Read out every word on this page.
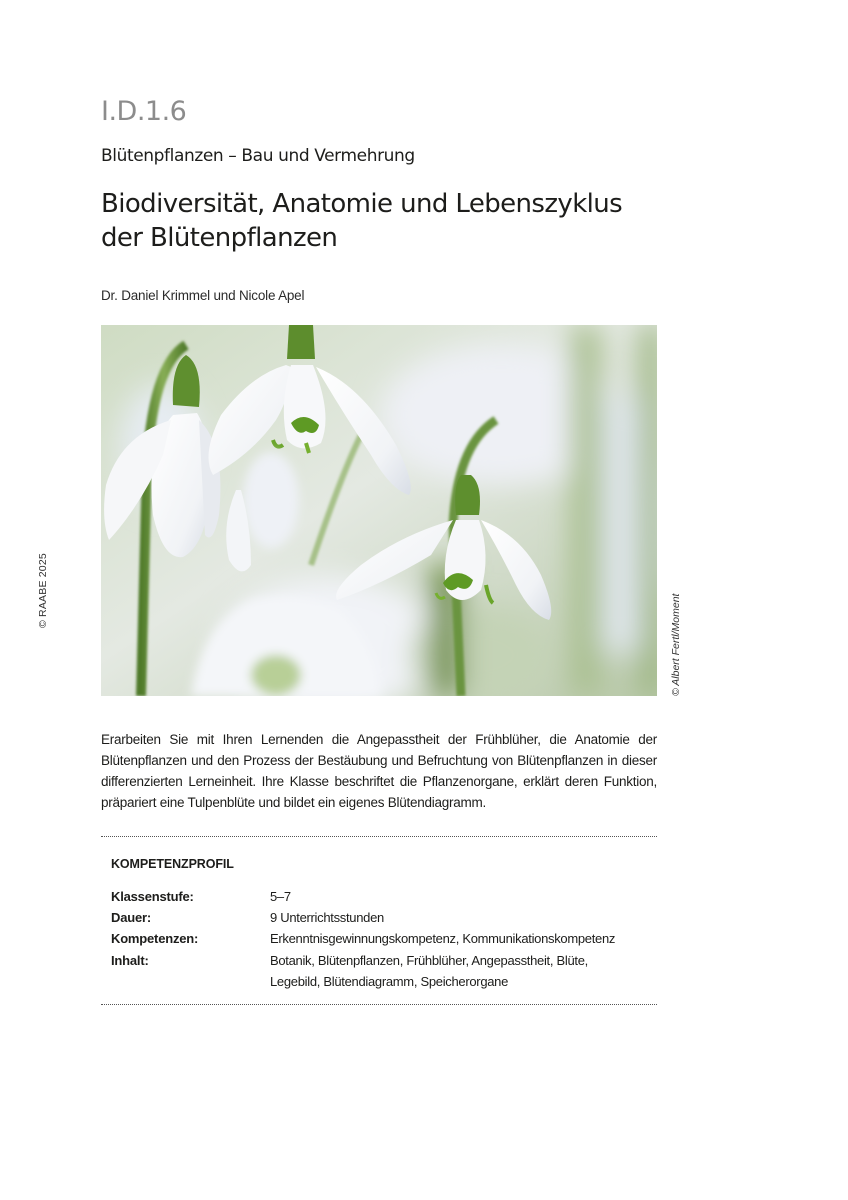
I.D.1.6
Blütenpflanzen – Bau und Vermehrung
Biodiversität, Anatomie und Lebenszyklus der Blütenpflanzen
Dr. Daniel Krimmel und Nicole Apel
© Albert Fertl/Moment
© RAABE 2025

Erarbeiten Sie mit Ihren Lernenden die Angepasstheit der Frühblüher, die Anatomie der Blütenpflanzen und den Prozess der Bestäubung und Befruchtung von Blütenpflanzen in dieser differenzierten Lerneinheit. Ihre Klasse beschriftet die Pflanzenorgane, erklärt deren Funktion, präpariert eine Tulpenblüte und bildet ein eigenes Blütendiagramm.

KOMPETENZPROFIL
Klassenstufe:	5–7
Dauer:	9 Unterrichtsstunden
Kompetenzen:	Erkenntnisgewinnungskompetenz, Kommunikationskompetenz
Inhalt:	Botanik, Blütenpflanzen, Frühblüher, Angepasstheit, Blüte, Legebild, Blütendiagramm, Speicherorgane
